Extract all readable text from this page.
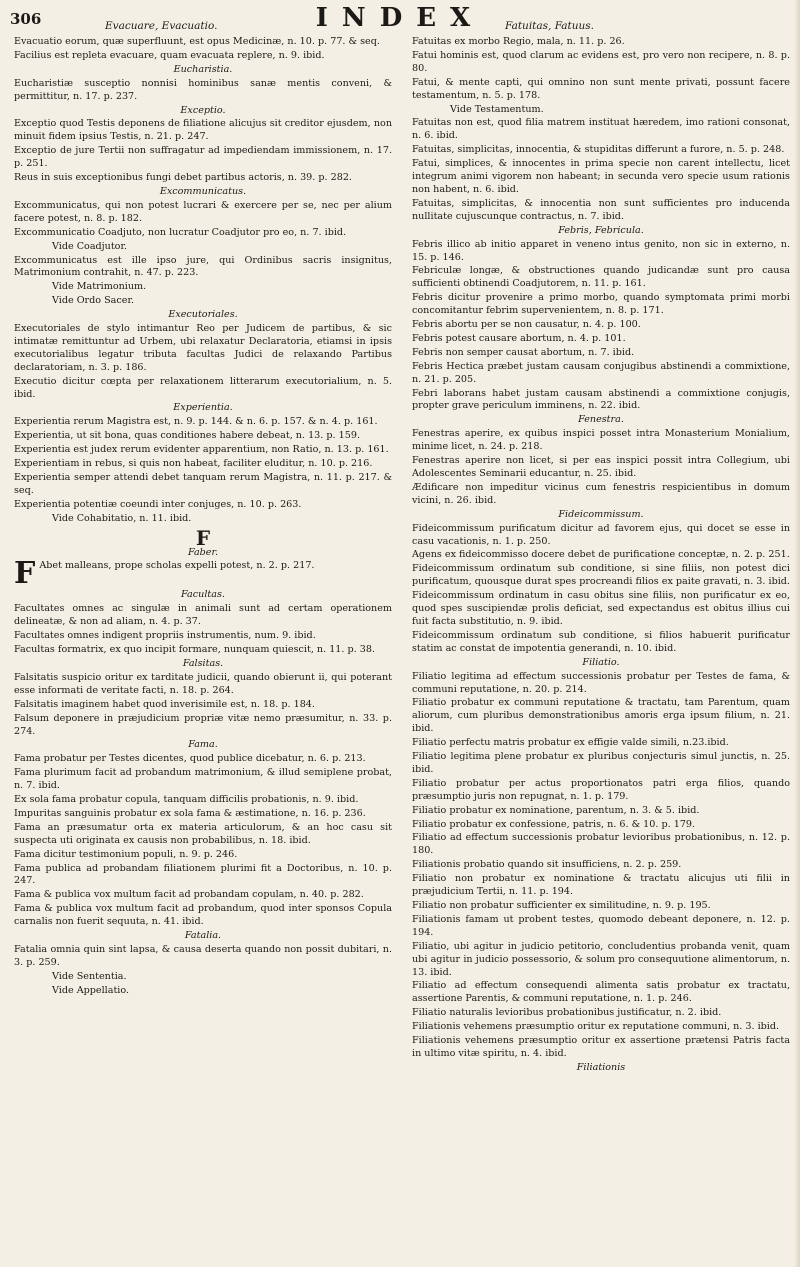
306	INDEX
Evacuare, Evacuatio.	Fatuitas, Fatuus.
Evacuatio eorum, quæ superfluunt, est opus Medicinæ, n. 10. p. 77. & seq.
Facilius est repleta evacuare, quam evacuata replere, n. 9. ibid.
Eucharistia.
Eucharistiæ susceptio nonnisi hominibus sanæ mentis conveni, & permittitur, n. 17. p. 237.
Exceptio.
Exceptio quod Testis deponens de filiatione alicujus sit creditor ejusdem, non minuit fidem ipsius Testis, n. 21. p. 247.
Exceptio de jure Tertii non suffragatur ad impediendam immissionem, n. 17. p. 251.
Reus in suis exceptionibus fungi debet partibus actoris, n. 39. p. 282.
Excommunicatus.
Excommunicatus, qui non potest lucrari & exercere per se, nec per alium facere potest, n. 8. p. 182.
Excommunicatio Coadjuto, non lucratur Coadjutor pro eo, n. 7. ibid.
Vide Coadjutor.
Excommunicatus est ille ipso jure, qui Ordinibus sacris insignitus, Matrimonium contrahit, n. 47. p. 223.
Vide Matrimonium.
Vide Ordo Sacer.
Executoriales.
Executoriales de stylo intimantur Reo per Judicem de partibus, & sic intimatæ remittuntur ad Urbem, ubi relaxatur Declaratoria, etiamsi in ipsis executorialibus legatur tributa facultas Judici de relaxando Partibus declaratoriam, n. 3. p. 186.
Executio dicitur cœpta per relaxationem litterarum executorialium, n. 5. ibid.
Experientia.
Experientia rerum Magistra est, n. 9. p. 144. & n. 6. p. 157. & n. 4. p. 161.
Experientia, ut sit bona, quas conditiones habere debeat, n. 13. p. 159.
Experientia est judex rerum evidenter apparentium, non Ratio, n. 13. p. 161.
Experientiam in rebus, si quis non habeat, faciliter eluditur, n. 10. p. 216.
Experientia semper attendi debet tanquam rerum Magistra, n. 11. p. 217. & seq.
Experientia potentiæ coeundi inter conjuges, n. 10. p. 263.
Vide Cohabitatio, n. 11. ibid.
F
Faber.
F Abet malleans, prope scholas expelli potest, n. 2. p. 217.
Facultas.
Facultates omnes ac singulæ in animali sunt ad certam operationem delineatæ, & non ad aliam, n. 4. p. 37.
Facultates omnes indigent propriis instrumentis, num. 9. ibid.
Facultas formatrix, ex quo incipit formare, nunquam quiescit, n. 11. p. 38.
Falsitas.
Falsitatis suspicio oritur ex tarditate judicii, quando obierunt ii, qui poterant esse informati de veritate facti, n. 18. p. 264.
Falsitatis imaginem habet quod inverisimile est, n. 18. p. 184.
Falsum deponere in præjudicium propriæ vitæ nemo præsumitur, n. 33. p. 274.
Fama.
Fama probatur per Testes dicentes, quod publice dicebatur, n. 6. p. 213.
Fama plurimum facit ad probandum matrimonium, & illud semiplene probat, n. 7. ibid.
Ex sola fama probatur copula, tanquam difficilis probationis, n. 9. ibid.
Impuritas sanguinis probatur ex sola fama & æstimatione, n. 16. p. 236.
Fama an præsumatur orta ex materia articulorum, & an hoc casu sit suspecta uti originata ex causis non probabilibus, n. 18. ibid.
Fama dicitur testimonium populi, n. 9. p. 246.
Fama publica ad probandam filiationem plurimi fit a Doctoribus, n. 10. p. 247.
Fama & publica vox multum facit ad probandam copulam, n. 40. p. 282.
Fama & publica vox multum facit ad probandum, quod inter sponsos Copula carnalis non fuerit sequuta, n. 41. ibid.
Fatalia.
Fatalia omnia quin sint lapsa, & causa deserta quando non possit dubitari, n. 3. p. 259.
Vide Sententia.
Vide Appellatio.
Fatuitas ex morbo Regio, mala, n. 11. p. 26.
Fatui hominis est, quod clarum ac evidens est, pro vero non recipere, n. 8. p. 80.
Fatui, & mente capti, qui omnino non sunt mente privati, possunt facere testamentum, n. 5. p. 178.
Vide Testamentum.
Fatuitas non est, quod filia matrem instituat hæredem, imo rationi consonat, n. 6. ibid.
Fatuitas, simplicitas, innocentia, & stupiditas differunt a furore, n. 5. p. 248.
Fatui, simplices, & innocentes in prima specie non carent intellectu, licet integrum animi vigorem non habeant; in secunda vero specie usum rationis non habent, n. 6. ibid.
Fatuitas, simplicitas, & innocentia non sunt sufficientes pro inducenda nullitate cujuscunque contractus, n. 7. ibid.
Febris, Febricula.
Febris illico ab initio apparet in veneno intus genito, non sic in externo, n. 15. p. 146.
Febriculæ longæ, & obstructiones quando judicandæ sunt pro causa sufficienti obtinendi Coadjutorem, n. 11. p. 161.
Febris dicitur provenire a primo morbo, quando symptomata primi morbi concomitantur febrim supervenientem, n. 8. p. 171.
Febris abortu per se non causatur, n. 4. p. 100.
Febris potest causare abortum, n. 4. p. 101.
Febris non semper causat abortum, n. 7. ibid.
Febris Hectica præbet justam causam conjugibus abstinendi a commixtione, n. 21. p. 205.
Febri laborans habet justam causam abstinendi a commixtione conjugis, propter grave periculum imminens, n. 22. ibid.
Fenestra.
Fenestras aperire, ex quibus inspici posset intra Monasterium Monialium, minime licet, n. 24. p. 218.
Fenestras aperire non licet, si per eas inspici possit intra Collegium, ubi Adolescentes Seminarii educantur, n. 25. ibid.
Ædificare non impeditur vicinus cum fenestris respicientibus in domum vicini, n. 26. ibid.
Fideicommissum.
Fideicommissum purificatum dicitur ad favorem ejus, qui docet se esse in casu vacationis, n. 1. p. 250.
Agens ex fideicommisso docere debet de purificatione conceptæ, n. 2. p. 251.
Fideicommissum ordinatum sub conditione, si sine filiis, non potest dici purificatum, quousque durat spes procreandi filios ex paite gravati, n. 3. ibid.
Fideicommissum ordinatum in casu obitus sine filiis, non purificatur ex eo, quod spes suscipiendæ prolis deficiat, sed expectandus est obitus illius cui fuit facta substitutio, n. 9. ibid.
Fideicommissum ordinatum sub conditione, si filios habuerit purificatur statim ac constat de impotentia generandi, n. 10. ibid.
Filiatio.
Filiatio legitima ad effectum successionis probatur per Testes de fama, & communi reputatione, n. 20. p. 214.
Filiatio probatur ex communi reputatione & tractatu, tam Parentum, quam aliorum, cum pluribus demonstrationibus amoris erga ipsum filium, n. 21. ibid.
Filiatio perfectu matris probatur ex effigie valde simili, n.23.ibid.
Filiatio legitima plene probatur ex pluribus conjecturis simul junctis, n. 25. ibid.
Filiatio probatur per actus proportionatos patri erga filios, quando præsumptio juris non repugnat, n. 1. p. 179.
Filiatio probatur ex nominatione, parentum, n. 3. & 5. ibid.
Filiatio probatur ex confessione, patris, n. 6. & 10. p. 179.
Filiatio ad effectum successionis probatur levioribus probationibus, n. 12. p. 180.
Filiationis probatio quando sit insufficiens, n. 2. p. 259.
Filiatio non probatur ex nominatione & tractatu alicujus uti filii in præjudicium Tertii, n. 11. p. 194.
Filiatio non probatur sufficienter ex similitudine, n. 9. p. 195.
Filiationis famam ut probent testes, quomodo debeant deponere, n. 12. p. 194.
Filiatio, ubi agitur in judicio petitorio, concludentius probanda venit, quam ubi agitur in judicio possessorio, & solum pro consequutione alimentorum, n. 13. ibid.
Filiatio ad effectum consequendi alimenta satis probatur ex tractatu, assertione Parentis, & communi reputatione, n. 1. p. 246.
Filiatio naturalis levioribus probationibus justificatur, n. 2. ibid.
Filiationis vehemens præsumptio oritur ex reputatione communi, n. 3. ibid.
Filiationis vehemens præsumptio oritur ex assertione prætensi Patris facta in ultimo vitæ spiritu, n. 4. ibid.
Filiationis
